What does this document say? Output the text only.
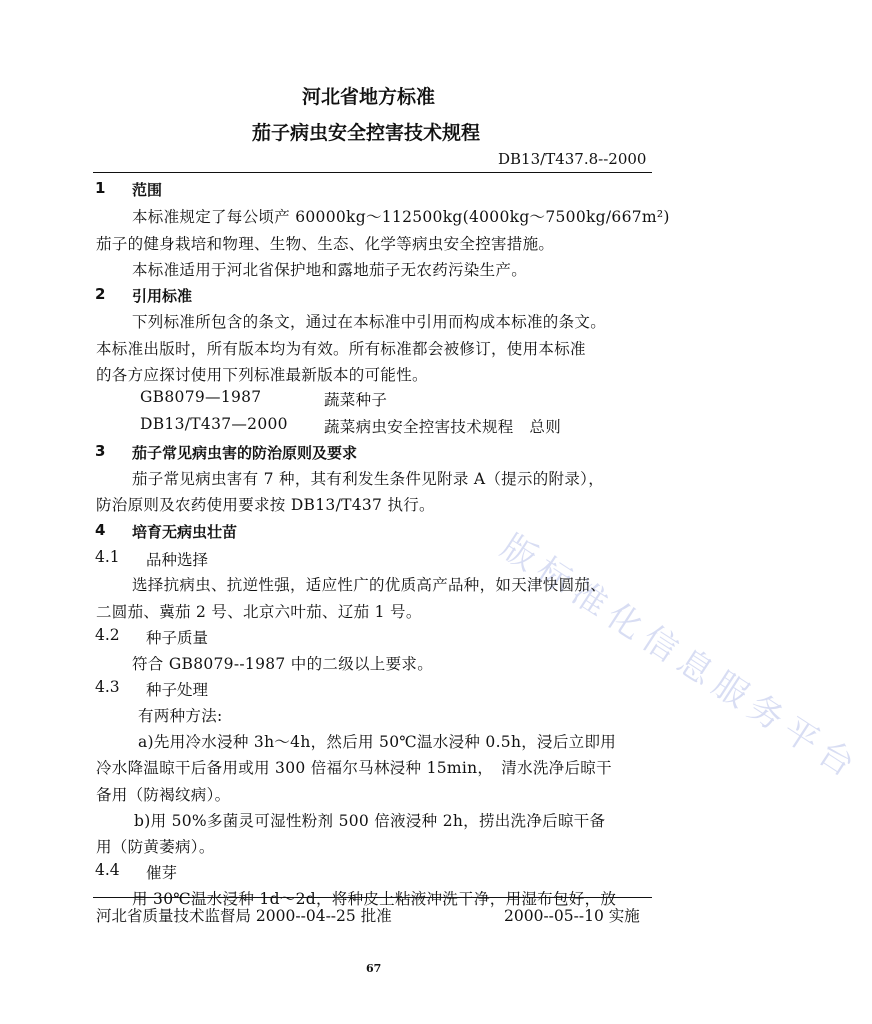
版标准化信息服务平台
河北省地方标准
茄子病虫安全控害技术规程
DB13/T437.8--2000
1 范围
本标准规定了每公顷产 60000kg～112500kg(4000kg～7500kg/667m²)
茄子的健身栽培和物理、生物、生态、化学等病虫安全控害措施。
本标准适用于河北省保护地和露地茄子无农药污染生产。
2 引用标准
下列标准所包含的条文，通过在本标准中引用而构成本标准的条文。
本标准出版时，所有版本均为有效。所有标准都会被修订，使用本标准
的各方应探讨使用下列标准最新版本的可能性。
GB8079—1987	蔬菜种子
DB13/T437—2000 蔬菜病虫安全控害技术规程　总则
3 茄子常见病虫害的防治原则及要求
茄子常见病虫害有 7 种，其有利发生条件见附录 A（提示的附录），
防治原则及农药使用要求按 DB13/T437 执行。
4 培育无病虫壮苗
4.1 品种选择
选择抗病虫、抗逆性强，适应性广的优质高产品种，如天津快圆茄、
二圆茄、冀茄 2 号、北京六叶茄、辽茄 1 号。
4.2 种子质量
符合 GB8079--1987 中的二级以上要求。
4.3 种子处理
有两种方法:
a)先用冷水浸种 3h～4h，然后用 50℃温水浸种 0.5h，浸后立即用
冷水降温晾干后备用或用 300 倍福尔马林浸种 15min，　清水洗净后晾干
备用（防褐纹病）。
b)用 50%多菌灵可湿性粉剂 500 倍液浸种 2h，捞出洗净后晾干备
用（防黄萎病）。
4.4 催芽
用 30℃温水浸种 1d～2d，将种皮上粘液冲洗干净，用湿布包好，放
河北省质量技术监督局 2000--04--25 批准	2000--05--10 实施
67
